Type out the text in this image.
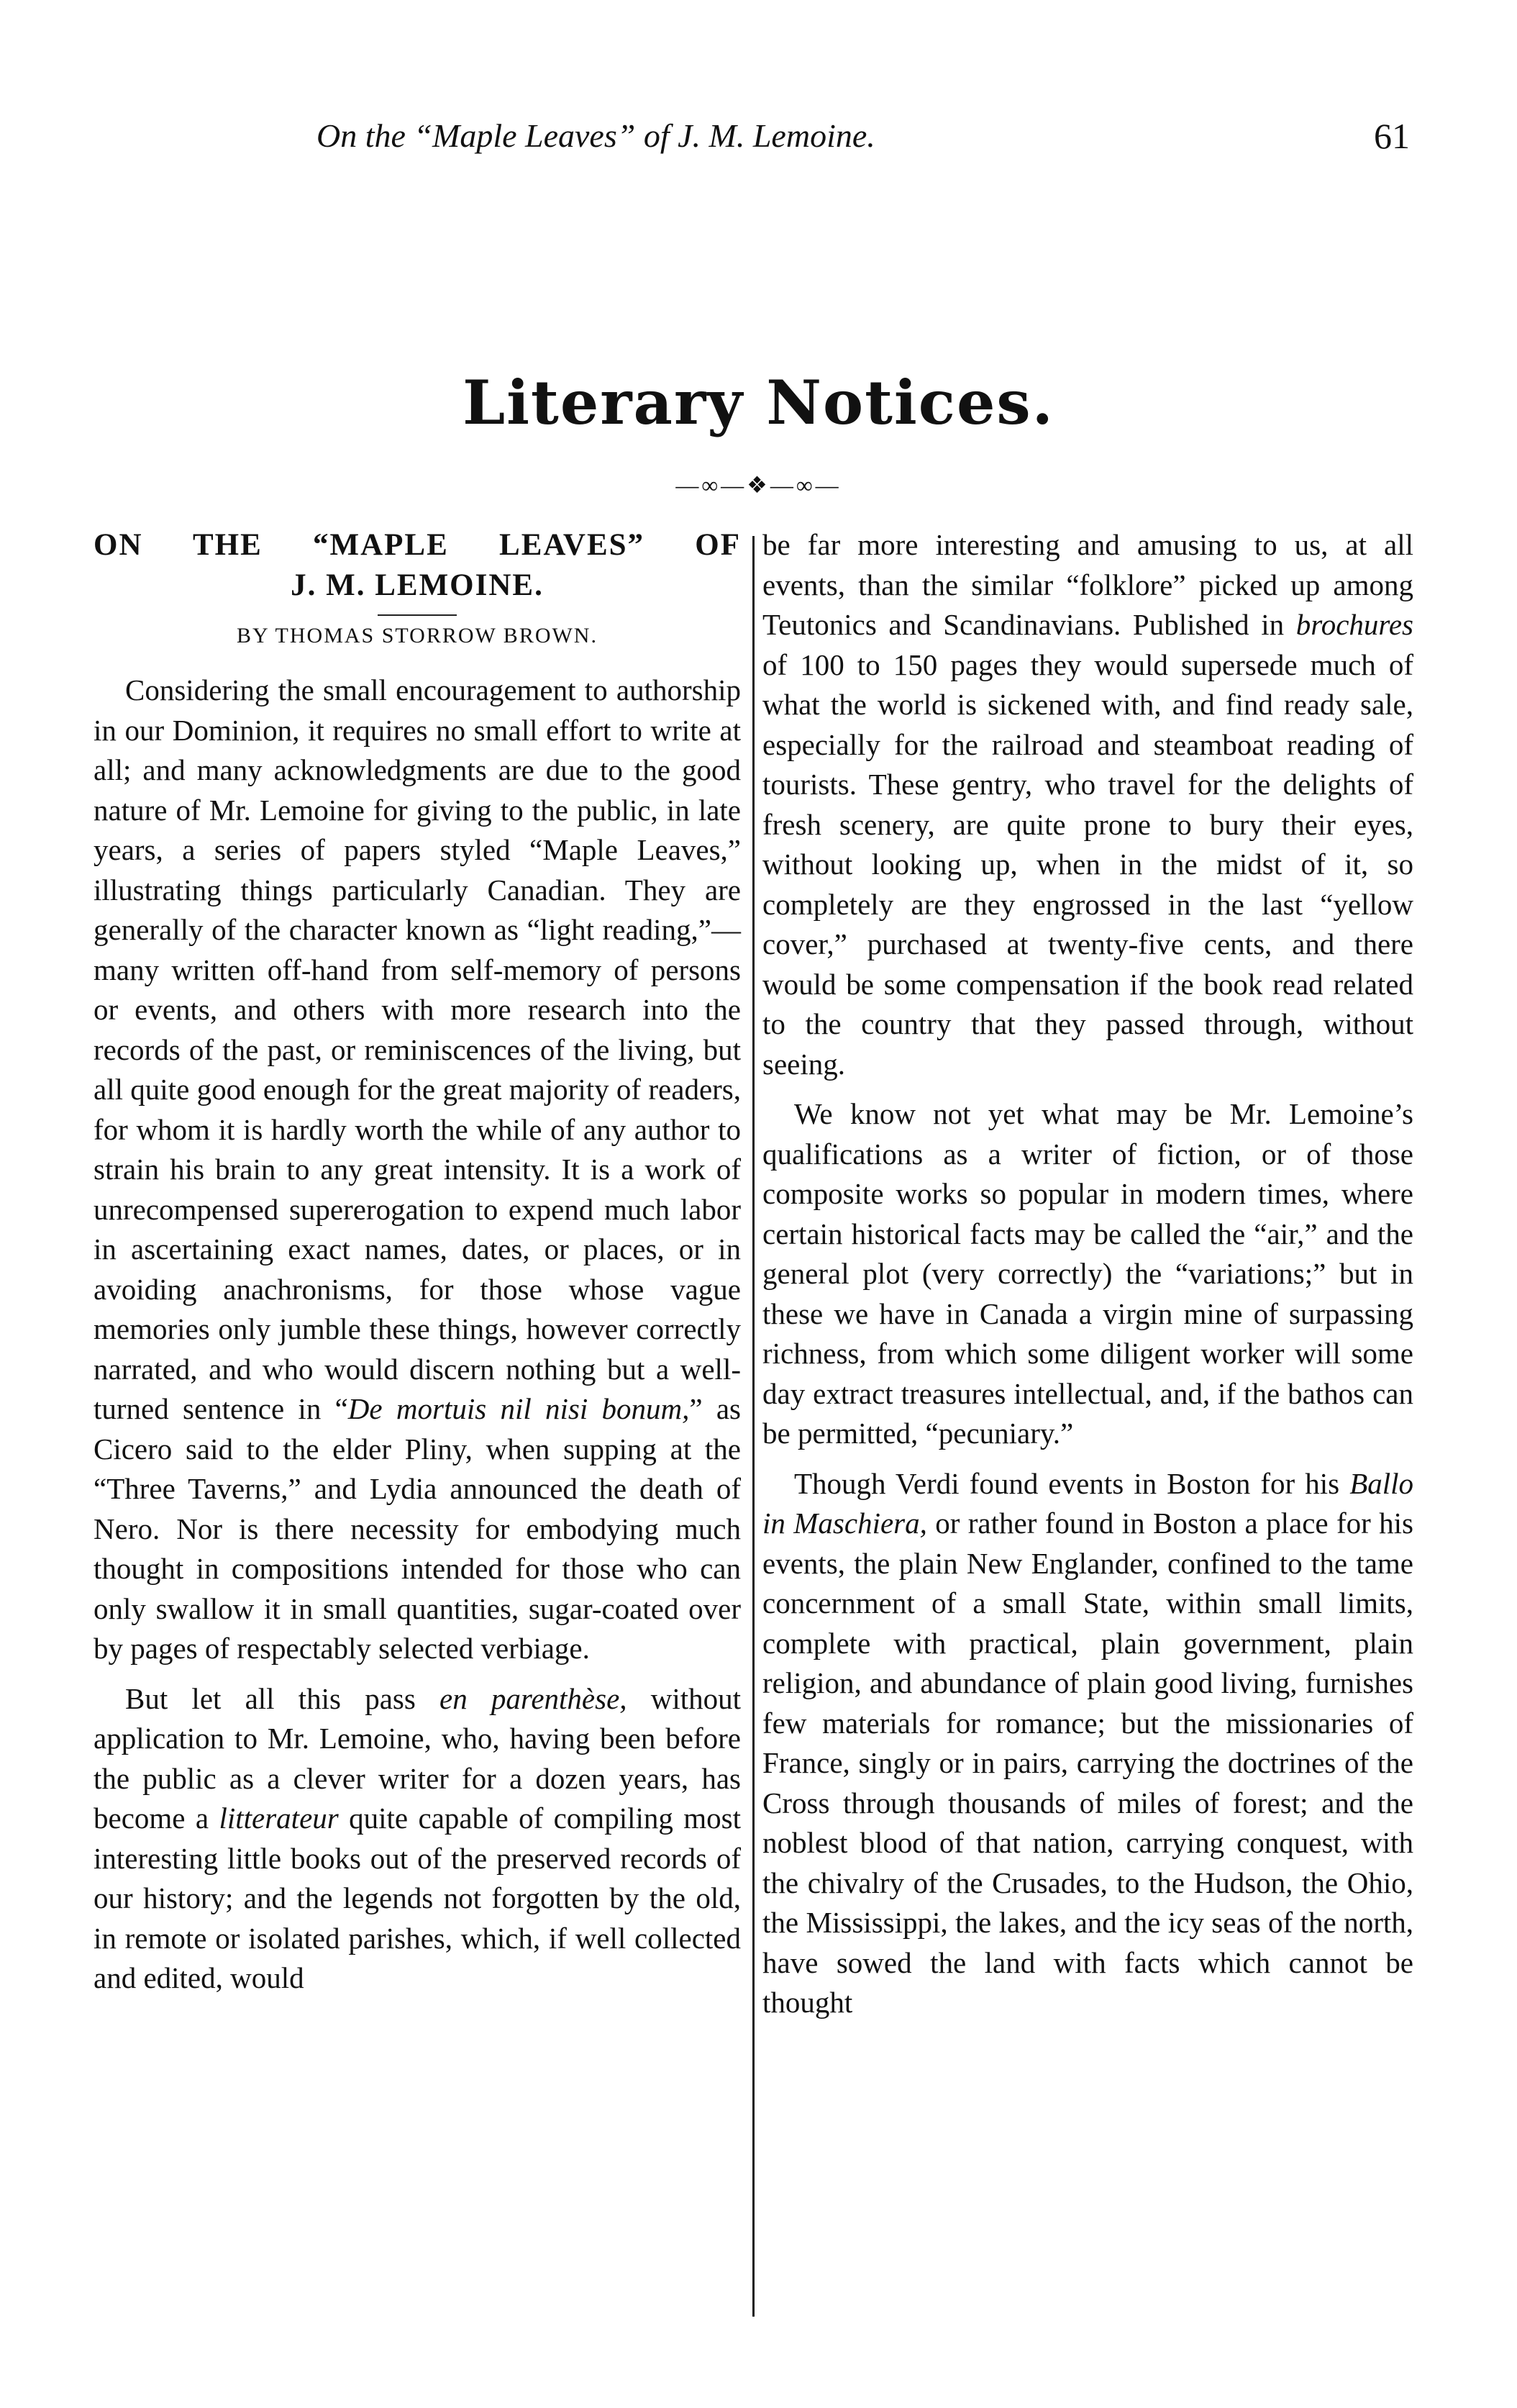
On the “Maple Leaves” of J. M. Lemoine.	61
Literary Notices.
—∞—❖—∞—
ON THE “MAPLE LEAVES” OF
J. M. LEMOINE.
BY THOMAS STORROW BROWN.

Considering the small encouragement to authorship in our Dominion, it requires no small effort to write at all; and many acknowledgments are due to the good nature of Mr. Lemoine for giving to the public, in late years, a series of papers styled “Maple Leaves,” illustrating things particularly Canadian. They are generally of the character known as “light reading,”—many written off-hand from self-memory of persons or events, and others with more research into the records of the past, or reminiscences of the living, but all quite good enough for the great majority of readers, for whom it is hardly worth the while of any author to strain his brain to any great intensity. It is a work of unrecompensed supererogation to expend much labor in ascertaining exact names, dates, or places, or in avoiding anachronisms, for those whose vague memories only jumble these things, however correctly narrated, and who would discern nothing but a well-turned sentence in “De mortuis nil nisi bonum,” as Cicero said to the elder Pliny, when supping at the “Three Taverns,” and Lydia announced the death of Nero. Nor is there necessity for embodying much thought in compositions intended for those who can only swallow it in small quantities, sugar-coated over by pages of respectably selected verbiage.

But let all this pass en parenthèse, without application to Mr. Lemoine, who, having been before the public as a clever writer for a dozen years, has become a litterateur quite capable of compiling most interesting little books out of the preserved records of our history; and the legends not forgotten by the old, in remote or isolated parishes, which, if well collected and edited, would

be far more interesting and amusing to us, at all events, than the similar “folklore” picked up among Teutonics and Scandinavians. Published in brochures of 100 to 150 pages they would supersede much of what the world is sickened with, and find ready sale, especially for the railroad and steamboat reading of tourists. These gentry, who travel for the delights of fresh scenery, are quite prone to bury their eyes, without looking up, when in the midst of it, so completely are they engrossed in the last “yellow cover,” purchased at twenty-five cents, and there would be some compensation if the book read related to the country that they passed through, without seeing.

We know not yet what may be Mr. Lemoine’s qualifications as a writer of fiction, or of those composite works so popular in modern times, where certain historical facts may be called the “air,” and the general plot (very correctly) the “variations;” but in these we have in Canada a virgin mine of surpassing richness, from which some diligent worker will some day extract treasures intellectual, and, if the bathos can be permitted, “pecuniary.”

Though Verdi found events in Boston for his Ballo in Maschiera, or rather found in Boston a place for his events, the plain New Englander, confined to the tame concernment of a small State, within small limits, complete with practical, plain government, plain religion, and abundance of plain good living, furnishes few materials for romance; but the missionaries of France, singly or in pairs, carrying the doctrines of the Cross through thousands of miles of forest; and the noblest blood of that nation, carrying conquest, with the chivalry of the Crusades, to the Hudson, the Ohio, the Mississippi, the lakes, and the icy seas of the north, have sowed the land with facts which cannot be thought
